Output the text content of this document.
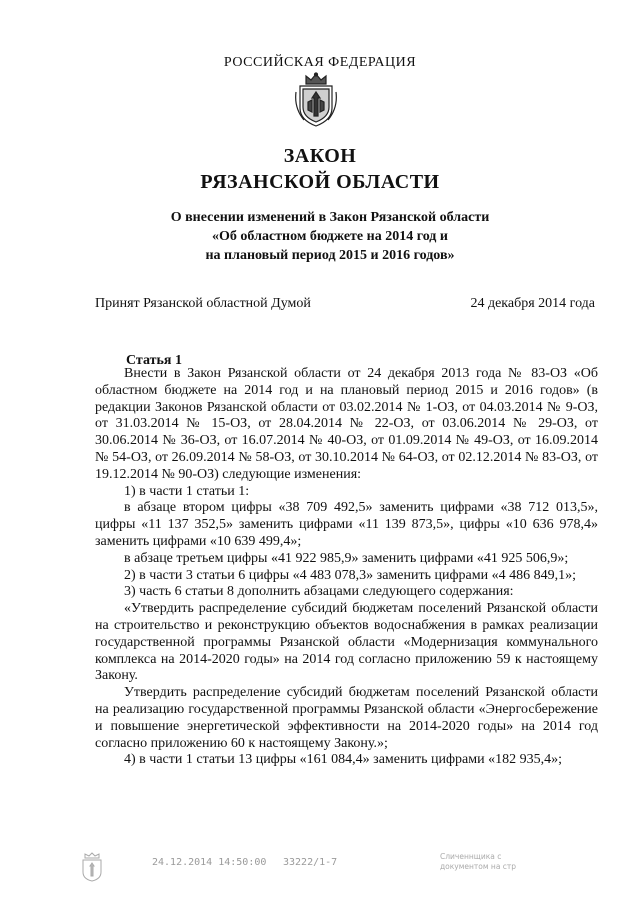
РОССИЙСКАЯ ФЕДЕРАЦИЯ
ЗАКОН
РЯЗАНСКОЙ ОБЛАСТИ
О внесении изменений в Закон Рязанской области
«Об областном бюджете на 2014 год и
на плановый период 2015 и 2016 годов»
Принят Рязанской областной Думой	24 декабря 2014 года
Статья 1

Внести в Закон Рязанской области от 24 декабря 2013 года № 83-ОЗ «Об областном бюджете на 2014 год и на плановый период 2015 и 2016 годов» (в редакции Законов Рязанской области от 03.02.2014 № 1-ОЗ, от 04.03.2014 № 9-ОЗ, от 31.03.2014 № 15-ОЗ, от 28.04.2014 № 22-ОЗ, от 03.06.2014 № 29-ОЗ, от 30.06.2014 № 36-ОЗ, от 16.07.2014 № 40-ОЗ, от 01.09.2014 № 49-ОЗ, от 16.09.2014 № 54-ОЗ, от 26.09.2014 № 58-ОЗ, от 30.10.2014 № 64-ОЗ, от 02.12.2014 № 83-ОЗ, от 19.12.2014 № 90-ОЗ) следующие изменения:

1) в части 1 статьи 1:

в абзаце втором цифры «38 709 492,5» заменить цифрами «38 712 013,5», цифры «11 137 352,5» заменить цифрами «11 139 873,5», цифры «10 636 978,4» заменить цифрами «10 639 499,4»;

в абзаце третьем цифры «41 922 985,9» заменить цифрами «41 925 506,9»;

2) в части 3 статьи 6 цифры «4 483 078,3» заменить цифрами «4 486 849,1»;

3) часть 6 статьи 8 дополнить абзацами следующего содержания:

«Утвердить распределение субсидий бюджетам поселений Рязанской области на строительство и реконструкцию объектов водоснабжения в рамках реализации государственной программы Рязанской области «Модернизация коммунального комплекса на 2014-2020 годы» на 2014 год согласно приложению 59 к настоящему Закону.

Утвердить распределение субсидий бюджетам поселений Рязанской области на реализацию государственной программы Рязанской области «Энергосбережение и повышение энергетической эффективности на 2014-2020 годы» на 2014 год согласно приложению 60 к настоящему Закону.»;

4) в части 1 статьи 13 цифры «161 084,4» заменить цифрами «182 935,4»;

24.12.2014 14:50:00 33222/1-7
Сличеннщика с
документом на стр
